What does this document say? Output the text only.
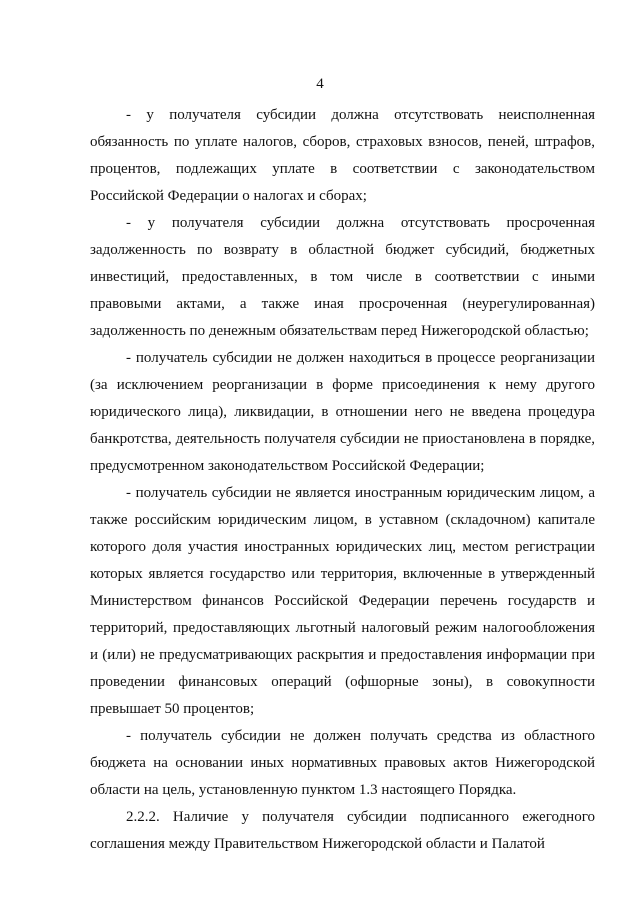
4

- у получателя субсидии должна отсутствовать неисполненная обязанность по уплате налогов, сборов, страховых взносов, пеней, штрафов, процентов, подлежащих уплате в соответствии с законодательством Российской Федерации о налогах и сборах;

- у получателя субсидии должна отсутствовать просроченная задолженность по возврату в областной бюджет субсидий, бюджетных инвестиций, предоставленных, в том числе в соответствии с иными правовыми актами, а также иная просроченная (неурегулированная) задолженность по денежным обязательствам перед Нижегородской областью;

- получатель субсидии не должен находиться в процессе реорганизации (за исключением реорганизации в форме присоединения к нему другого юридического лица), ликвидации, в отношении него не введена процедура банкротства, деятельность получателя субсидии не приостановлена в порядке, предусмотренном законодательством Российской Федерации;

- получатель субсидии не является иностранным юридическим лицом, а также российским юридическим лицом, в уставном (складочном) капитале которого доля участия иностранных юридических лиц, местом регистрации которых является государство или территория, включенные в утвержденный Министерством финансов Российской Федерации перечень государств и территорий, предоставляющих льготный налоговый режим налогообложения и (или) не предусматривающих раскрытия и предоставления информации при проведении финансовых операций (офшорные зоны), в совокупности превышает 50 процентов;

- получатель субсидии не должен получать средства из областного бюджета на основании иных нормативных правовых актов Нижегородской области на цель, установленную пунктом 1.3 настоящего Порядка.

2.2.2. Наличие у получателя субсидии подписанного ежегодного соглашения между Правительством Нижегородской области и Палатой
